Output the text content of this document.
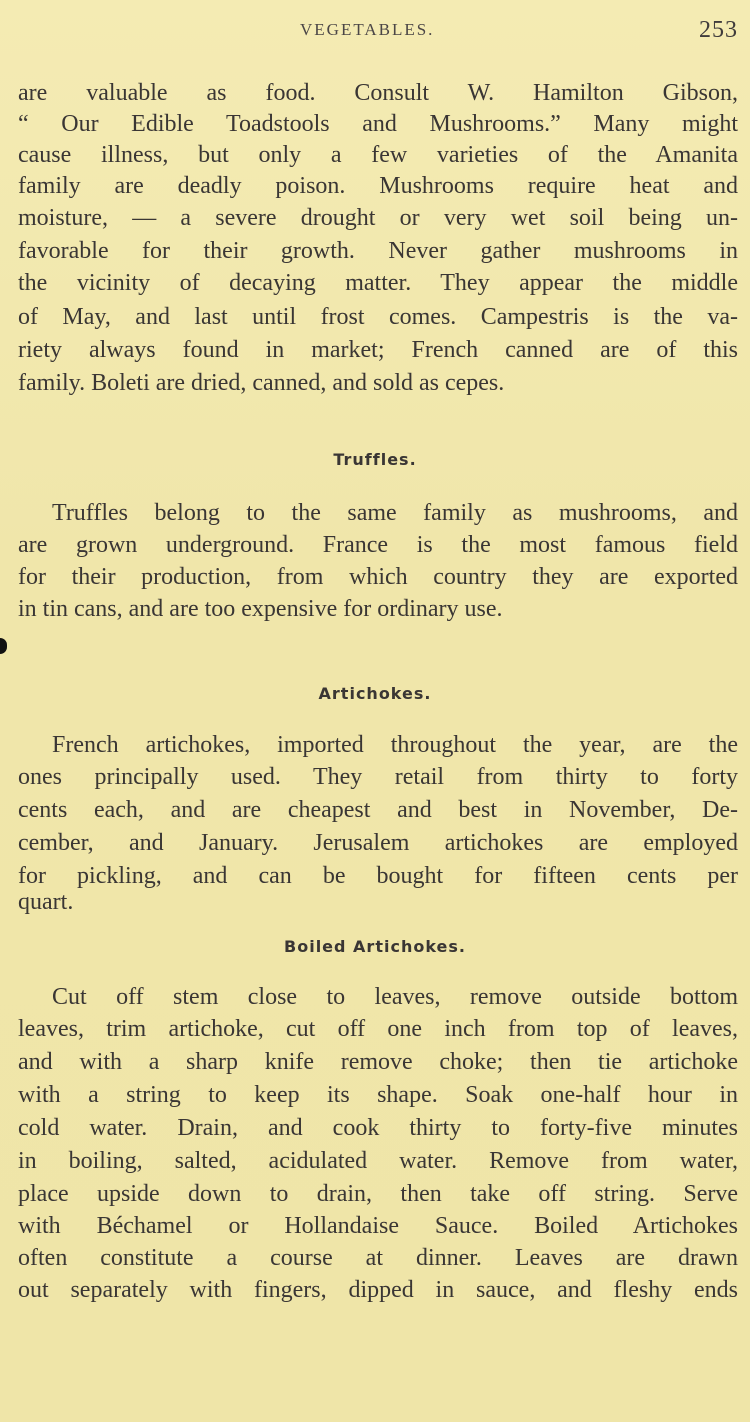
VEGETABLES.	253
are valuable as food. Consult W. Hamilton Gibson,
“ Our Edible Toadstools and Mushrooms.” Many might
cause illness, but only a few varieties of the Amanita
family are deadly poison. Mushrooms require heat and
moisture, — a severe drought or very wet soil being un-
favorable for their growth. Never gather mushrooms in
the vicinity of decaying matter. They appear the middle
of May, and last until frost comes. Campestris is the va-
riety always found in market; French canned are of this
family. Boleti are dried, canned, and sold as cepes.
Truffles.
Truffles belong to the same family as mushrooms, and
are grown underground. France is the most famous field
for their production, from which country they are exported
in tin cans, and are too expensive for ordinary use.
Artichokes.
French artichokes, imported throughout the year, are the
ones principally used. They retail from thirty to forty
cents each, and are cheapest and best in November, De-
cember, and January. Jerusalem artichokes are employed
for pickling, and can be bought for fifteen cents per
quart.
Boiled Artichokes.
Cut off stem close to leaves, remove outside bottom
leaves, trim artichoke, cut off one inch from top of leaves,
and with a sharp knife remove choke; then tie artichoke
with a string to keep its shape. Soak one-half hour in
cold water. Drain, and cook thirty to forty-five minutes
in boiling, salted, acidulated water. Remove from water,
place upside down to drain, then take off string. Serve
with Béchamel or Hollandaise Sauce. Boiled Artichokes
often constitute a course at dinner. Leaves are drawn
out separately with fingers, dipped in sauce, and fleshy ends
